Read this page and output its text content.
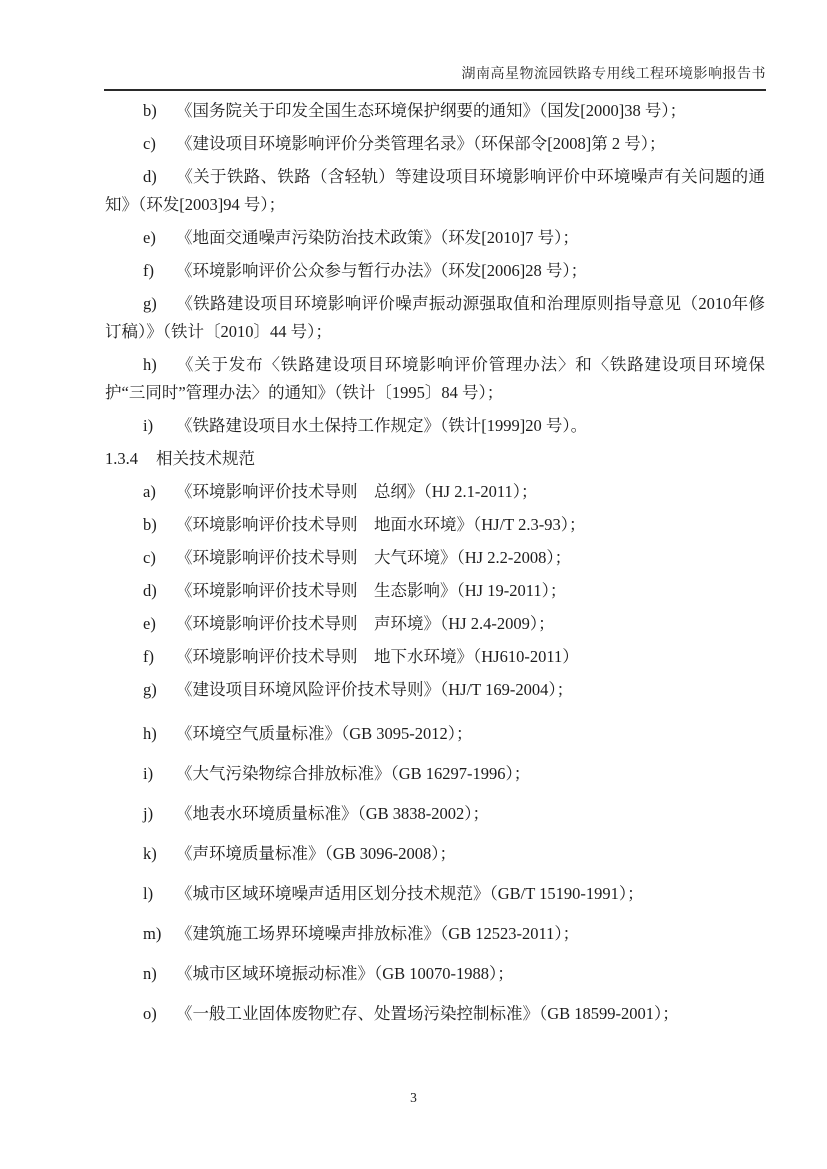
湖南高星物流园铁路专用线工程环境影响报告书

b) 《国务院关于印发全国生态环境保护纲要的通知》（国发[2000]38 号）；

c) 《建设项目环境影响评价分类管理名录》（环保部令[2008]第 2 号）；

d) 《关于铁路、铁路（含轻轨）等建设项目环境影响评价中环境噪声有关问题的通知》（环发[2003]94 号）；

e) 《地面交通噪声污染防治技术政策》（环发[2010]7 号）；

f) 《环境影响评价公众参与暂行办法》（环发[2006]28 号）；

g) 《铁路建设项目环境影响评价噪声振动源强取值和治理原则指导意见（2010年修订稿）》（铁计〔2010〕44 号）；

h) 《关于发布〈铁路建设项目环境影响评价管理办法〉和〈铁路建设项目环境保护“三同时”管理办法〉的通知》（铁计〔1995〕84 号）；

i) 《铁路建设项目水土保持工作规定》（铁计[1999]20 号）。

1.3.4 相关技术规范

a) 《环境影响评价技术导则　总纲》（HJ 2.1-2011）；

b) 《环境影响评价技术导则　地面水环境》（HJ/T 2.3-93）；

c) 《环境影响评价技术导则　大气环境》（HJ 2.2-2008）；

d) 《环境影响评价技术导则　生态影响》（HJ 19-2011）；

e) 《环境影响评价技术导则　声环境》（HJ 2.4-2009）；

f) 《环境影响评价技术导则　地下水环境》（HJ610-2011）

g) 《建设项目环境风险评价技术导则》（HJ/T 169-2004）；

h) 《环境空气质量标准》（GB 3095-2012）；

i) 《大气污染物综合排放标准》（GB 16297-1996）；

j) 《地表水环境质量标准》（GB 3838-2002）；

k) 《声环境质量标准》（GB 3096-2008）；

l) 《城市区域环境噪声适用区划分技术规范》（GB/T 15190-1991）；

m) 《建筑施工场界环境噪声排放标准》（GB 12523-2011）；

n) 《城市区域环境振动标准》（GB 10070-1988）；

o) 《一般工业固体废物贮存、处置场污染控制标准》（GB 18599-2001）；

3
